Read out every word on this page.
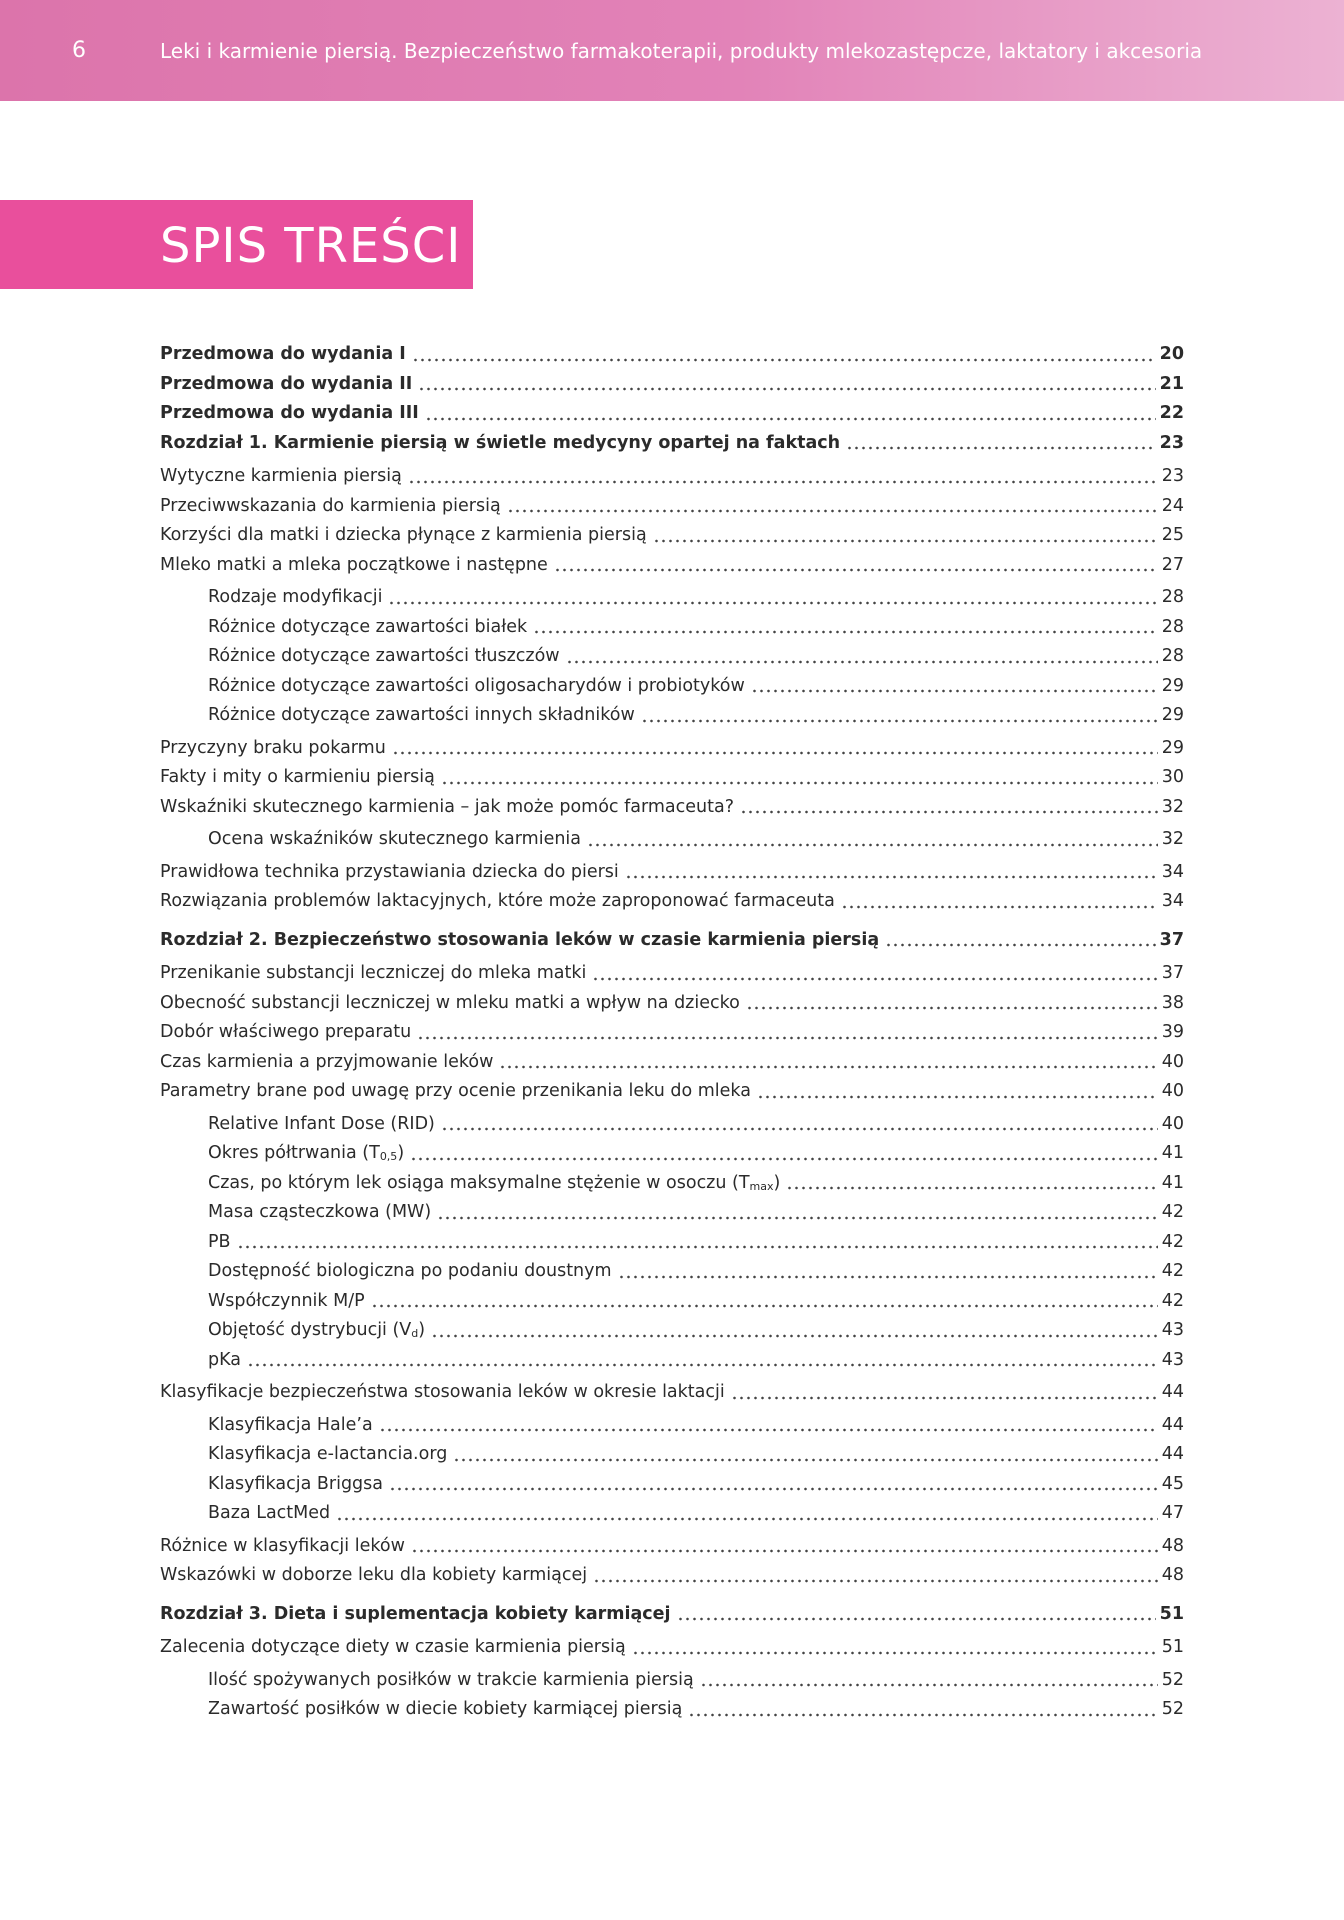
6	Leki i karmienie piersią. Bezpieczeństwo farmakoterapii, produkty mlekozastępcze, laktatory i akcesoria
SPIS TREŚCI
Przedmowa do wydania I	20
Przedmowa do wydania II	21
Przedmowa do wydania III	22
Rozdział 1. Karmienie piersią w świetle medycyny opartej na faktach	23
Wytyczne karmienia piersią	23
Przeciwwskazania do karmienia piersią	24
Korzyści dla matki i dziecka płynące z karmienia piersią	25
Mleko matki a mleka początkowe i następne	27
Rodzaje modyfikacji	28
Różnice dotyczące zawartości białek	28
Różnice dotyczące zawartości tłuszczów	28
Różnice dotyczące zawartości oligosacharydów i probiotyków	29
Różnice dotyczące zawartości innych składników	29
Przyczyny braku pokarmu	29
Fakty i mity o karmieniu piersią	30
Wskaźniki skutecznego karmienia – jak może pomóc farmaceuta?	32
Ocena wskaźników skutecznego karmienia	32
Prawidłowa technika przystawiania dziecka do piersi	34
Rozwiązania problemów laktacyjnych, które może zaproponować farmaceuta	34
Rozdział 2. Bezpieczeństwo stosowania leków w czasie karmienia piersią	37
Przenikanie substancji leczniczej do mleka matki	37
Obecność substancji leczniczej w mleku matki a wpływ na dziecko	38
Dobór właściwego preparatu	39
Czas karmienia a przyjmowanie leków	40
Parametry brane pod uwagę przy ocenie przenikania leku do mleka	40
Relative Infant Dose (RID)	40
Okres półtrwania $(T_{0,5})$	41
Czas, po którym lek osiąga maksymalne stężenie w osoczu $(T_{max})$	41
Masa cząsteczkowa (MW)	42
PB	42
Dostępność biologiczna po podaniu doustnym	42
Współczynnik M/P	42
Objętość dystrybucji $(V_d)$	43
pKa	43
Klasyfikacje bezpieczeństwa stosowania leków w okresie laktacji	44
Klasyfikacja Hale’a	44
Klasyfikacja e-lactancia.org	44
Klasyfikacja Briggsa	45
Baza LactMed	47
Różnice w klasyfikacji leków	48
Wskazówki w doborze leku dla kobiety karmiącej	48
Rozdział 3. Dieta i suplementacja kobiety karmiącej	51
Zalecenia dotyczące diety w czasie karmienia piersią	51
Ilość spożywanych posiłków w trakcie karmienia piersią	52
Zawartość posiłków w diecie kobiety karmiącej piersią	52
